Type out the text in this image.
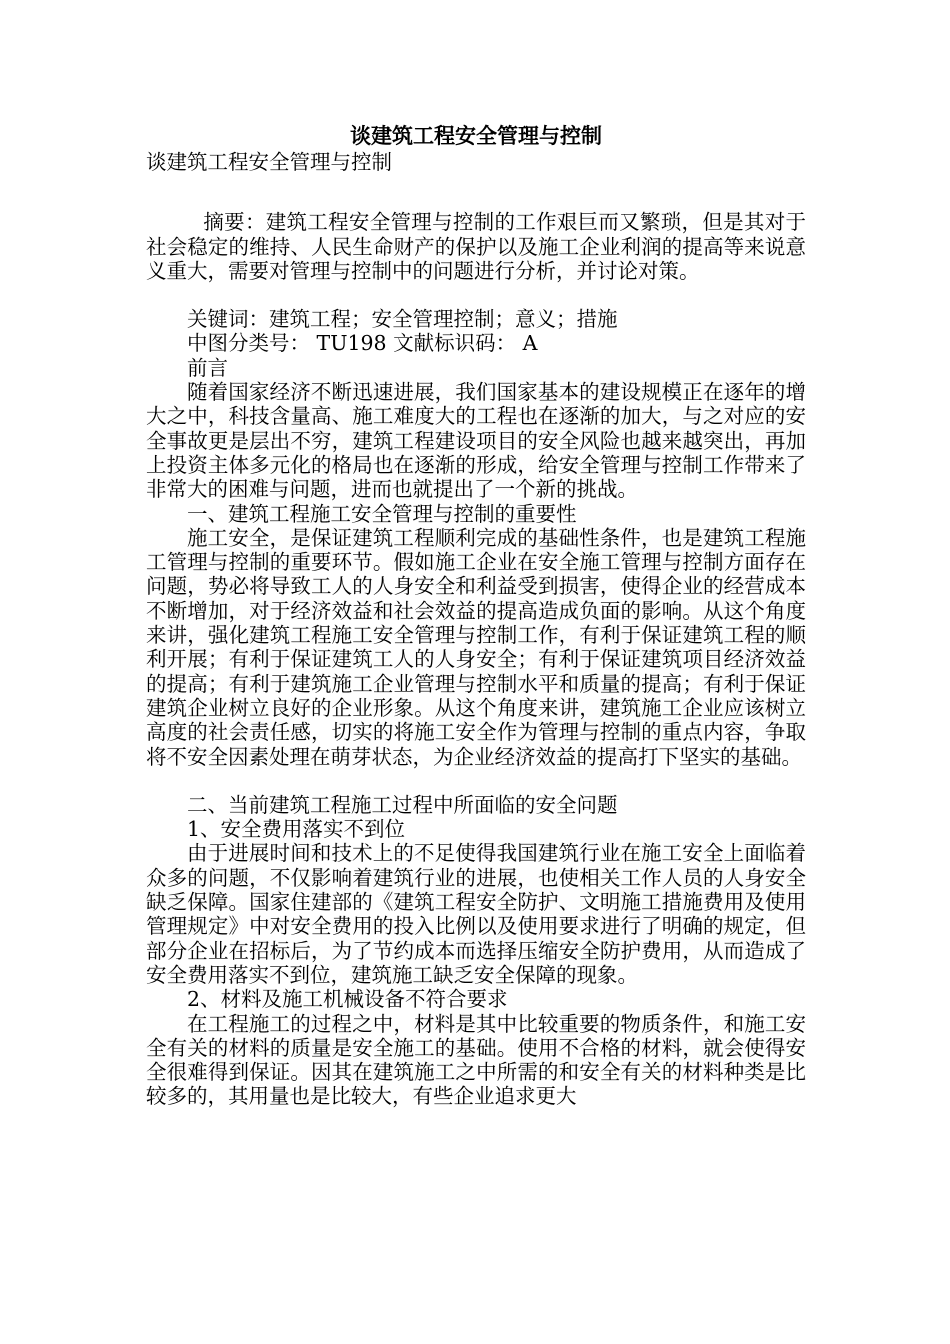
谈建筑工程安全管理与控制

谈建筑工程安全管理与控制

摘要：建筑工程安全管理与控制的工作艰巨而又繁琐，但是其对于社会稳定的维持、人民生命财产的保护以及施工企业利润的提高等来说意义重大，需要对管理与控制中的问题进行分析，并讨论对策。

关键词：建筑工程；安全管理控制；意义；措施

中图分类号： TU198 文献标识码： A

前言

随着国家经济不断迅速进展，我们国家基本的建设规模正在逐年的增大之中，科技含量高、施工难度大的工程也在逐渐的加大，与之对应的安全事故更是层出不穷，建筑工程建设项目的安全风险也越来越突出，再加上投资主体多元化的格局也在逐渐的形成，给安全管理与控制工作带来了非常大的困难与问题，进而也就提出了一个新的挑战。

一、建筑工程施工安全管理与控制的重要性

施工安全，是保证建筑工程顺利完成的基础性条件，也是建筑工程施工管理与控制的重要环节。假如施工企业在安全施工管理与控制方面存在问题，势必将导致工人的人身安全和利益受到损害，使得企业的经营成本不断增加，对于经济效益和社会效益的提高造成负面的影响。从这个角度来讲，强化建筑工程施工安全管理与控制工作，有利于保证建筑工程的顺利开展；有利于保证建筑工人的人身安全；有利于保证建筑项目经济效益的提高；有利于建筑施工企业管理与控制水平和质量的提高；有利于保证建筑企业树立良好的企业形象。从这个角度来讲，建筑施工企业应该树立高度的社会责任感，切实的将施工安全作为管理与控制的重点内容，争取将不安全因素处理在萌芽状态，为企业经济效益的提高打下坚实的基础。

二、当前建筑工程施工过程中所面临的安全问题

1、安全费用落实不到位

由于进展时间和技术上的不足使得我国建筑行业在施工安全上面临着众多的问题，不仅影响着建筑行业的进展，也使相关工作人员的人身安全缺乏保障。国家住建部的《建筑工程安全防护、文明施工措施费用及使用管理规定》中对安全费用的投入比例以及使用要求进行了明确的规定，但部分企业在招标后，为了节约成本而选择压缩安全防护费用，从而造成了安全费用落实不到位，建筑施工缺乏安全保障的现象。

2、材料及施工机械设备不符合要求

在工程施工的过程之中，材料是其中比较重要的物质条件，和施工安全有关的材料的质量是安全施工的基础。使用不合格的材料，就会使得安全很难得到保证。因其在建筑施工之中所需的和安全有关的材料种类是比较多的，其用量也是比较大，有些企业追求更大
